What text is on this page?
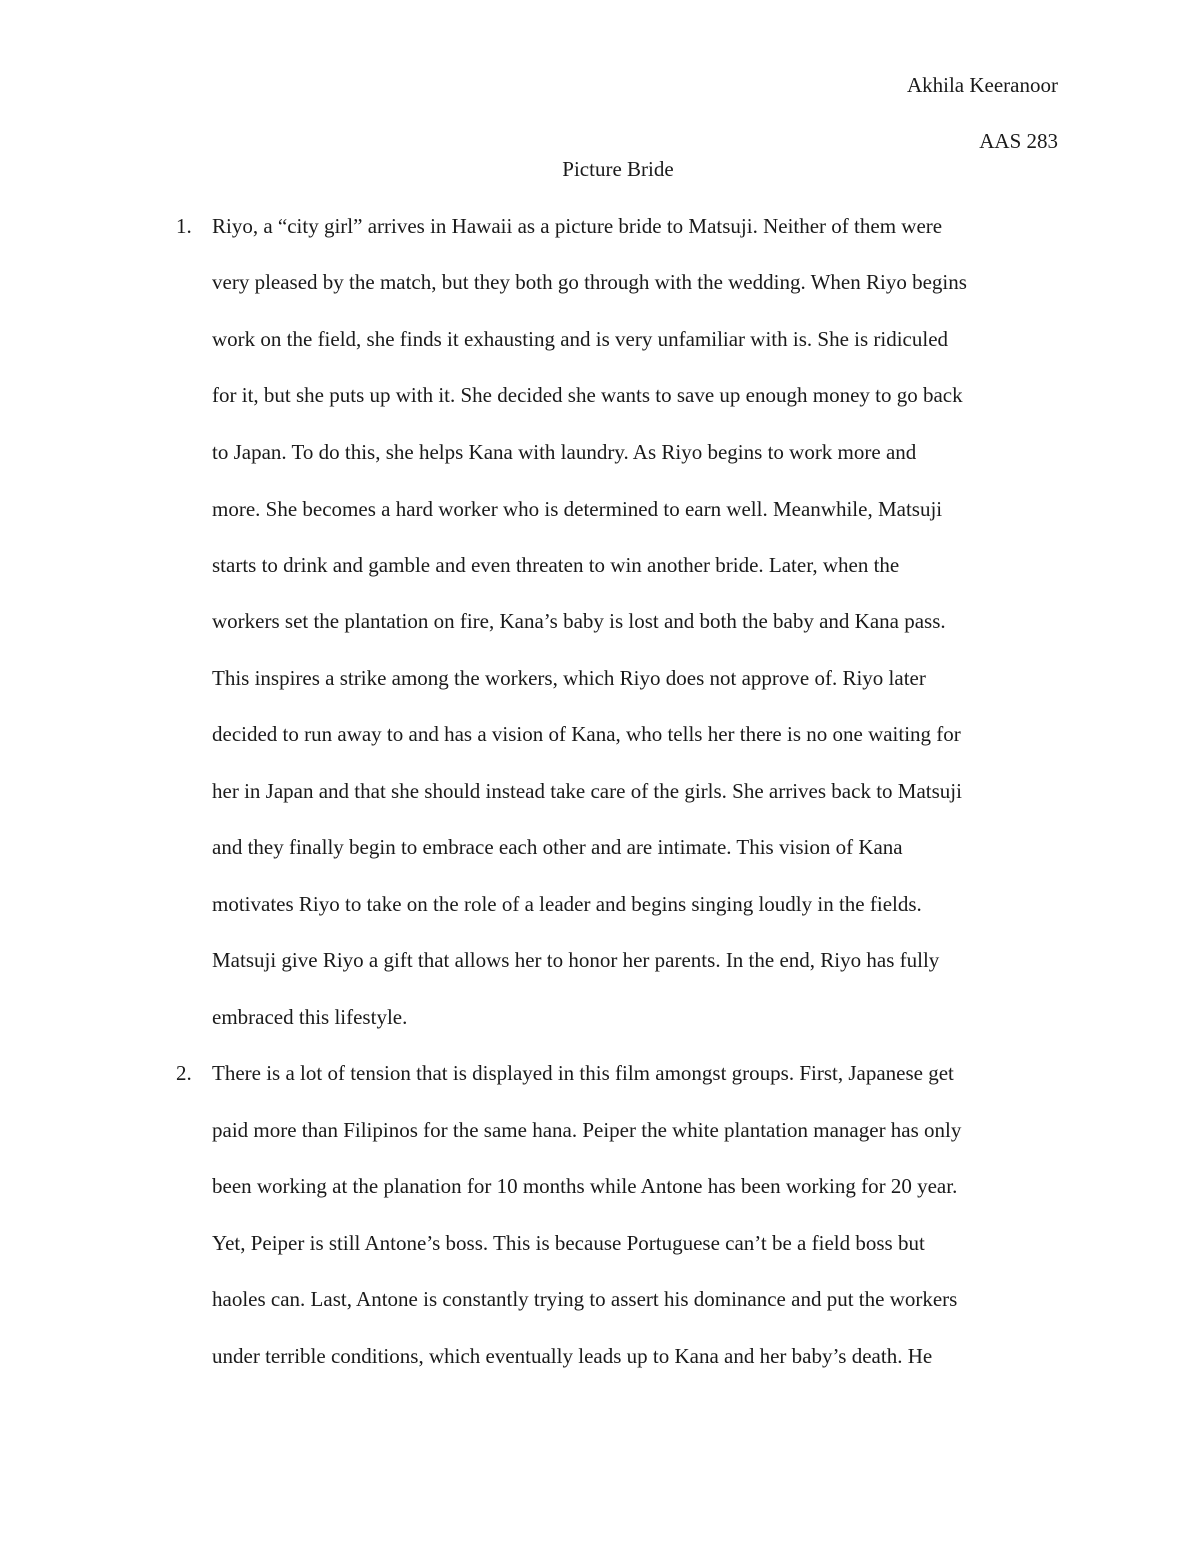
Akhila Keeranoor
AAS 283
Picture Bride
1. Riyo, a “city girl” arrives in Hawaii as a picture bride to Matsuji. Neither of them were
very pleased by the match, but they both go through with the wedding. When Riyo begins
work on the field, she finds it exhausting and is very unfamiliar with is. She is ridiculed
for it, but she puts up with it. She decided she wants to save up enough money to go back
to Japan. To do this, she helps Kana with laundry. As Riyo begins to work more and
more. She becomes a hard worker who is determined to earn well. Meanwhile, Matsuji
starts to drink and gamble and even threaten to win another bride. Later, when the
workers set the plantation on fire, Kana’s baby is lost and both the baby and Kana pass.
This inspires a strike among the workers, which Riyo does not approve of. Riyo later
decided to run away to and has a vision of Kana, who tells her there is no one waiting for
her in Japan and that she should instead take care of the girls. She arrives back to Matsuji
and they finally begin to embrace each other and are intimate. This vision of Kana
motivates Riyo to take on the role of a leader and begins singing loudly in the fields.
Matsuji give Riyo a gift that allows her to honor her parents. In the end, Riyo has fully
embraced this lifestyle.
2. There is a lot of tension that is displayed in this film amongst groups. First, Japanese get
paid more than Filipinos for the same hana. Peiper the white plantation manager has only
been working at the planation for 10 months while Antone has been working for 20 year.
Yet, Peiper is still Antone’s boss. This is because Portuguese can’t be a field boss but
haoles can. Last, Antone is constantly trying to assert his dominance and put the workers
under terrible conditions, which eventually leads up to Kana and her baby’s death. He
